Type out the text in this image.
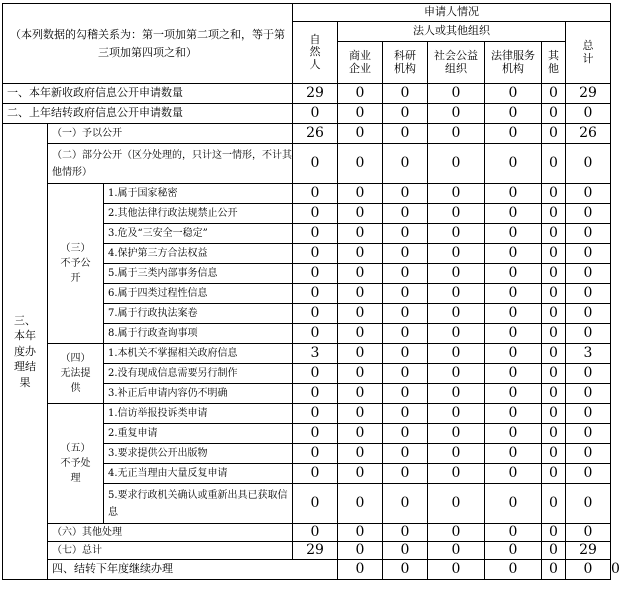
（本列数据的勾稽关系为：第一项加第二项之和，等于第三项加第四项之和）			申请人情况							
			自然人	法人或其他组织					总计	
				商业企业	科研机构	社会公益组织	法律服务机构	其他		
一、本年新收政府信息公开申请数量			29	0	0	0	0	0	29	
二、上年结转政府信息公开申请数量			0	0	0	0	0	0	0	
三、本年度办理结果	（一）予以公开		26	0	0	0	0	0	26	
	（二）部分公开（区分处理的，只计这一情形，不计其他情形）		0	0	0	0	0	0	0	
	（三）不予公开	1.属于国家秘密	0	0	0	0	0	0	0	
		2.其他法律行政法规禁止公开	0	0	0	0	0	0	0	
		3.危及“三安全一稳定”	0	0	0	0	0	0	0	
		4.保护第三方合法权益	0	0	0	0	0	0	0	
		5.属于三类内部事务信息	0	0	0	0	0	0	0	
		6.属于四类过程性信息	0	0	0	0	0	0	0	
		7.属于行政执法案卷	0	0	0	0	0	0	0	
		8.属于行政查询事项	0	0	0	0	0	0	0	
	（四）无法提供	1.本机关不掌握相关政府信息	3	0	0	0	0	0	3	
		2.没有现成信息需要另行制作	0	0	0	0	0	0	0	
		3.补正后申请内容仍不明确	0	0	0	0	0	0	0	
	（五）不予处理	1.信访举报投诉类申请	0	0	0	0	0	0	0	
		2.重复申请	0	0	0	0	0	0	0	
		3.要求提供公开出版物	0	0	0	0	0	0	0	
		4.无正当理由大量反复申请	0	0	0	0	0	0	0	
		5.要求行政机关确认或重新出具已获取信息	0	0	0	0	0	0	0	
	（六）其他处理		0	0	0	0	0	0	0	
	（七）总计		29	0	0	0	0	0	29	
	四、结转下年度继续办理			0	0	0	0	0	0	0
